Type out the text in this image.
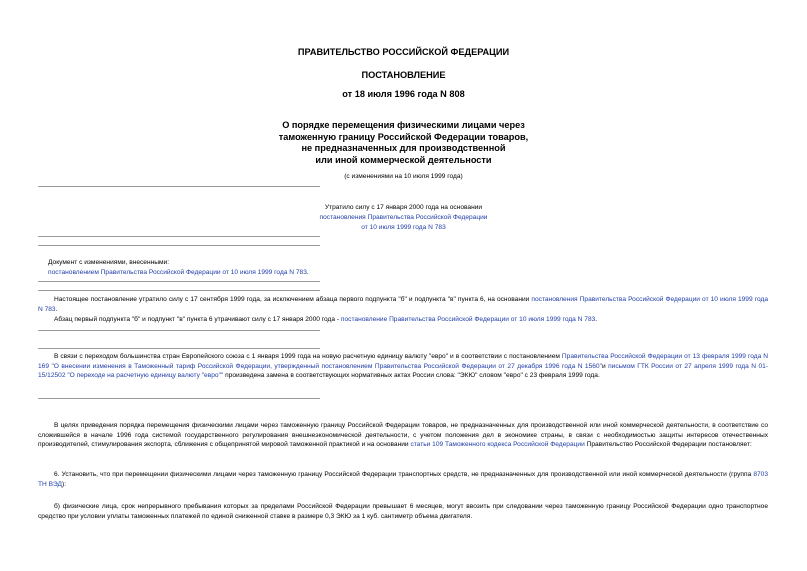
ПРАВИТЕЛЬСТВО РОССИЙСКОЙ ФЕДЕРАЦИИ
ПОСТАНОВЛЕНИЕ
от 18 июля 1996 года N 808
О порядке перемещения физическими лицами через
таможенную границу Российской Федерации товаров,
не предназначенных для производственной
или иной коммерческой деятельности
(с изменениями на 10 июля 1999 года)
Утратило силу с 17 января 2000 года на основании
постановления Правительства Российской Федерации
от 10 июля 1999 года N 783
Документ с изменениями, внесенными:
постановлением Правительства Российской Федерации от 10 июля 1999 года N 783.
Настоящее постановление утратило силу с 17 сентября 1999 года, за исключением абзаца первого подпункта "б" и подпункта "в" пункта 6, на основании постановления Правительства Российской Федерации от 10 июля 1999 года N 783.
Абзац первый подпункта "б" и подпункт "в" пункта 6 утрачивают силу с 17 января 2000 года - постановление Правительства Российской Федерации от 10 июля 1999 года N 783.
В связи с переходом большинства стран Европейского союза с 1 января 1999 года на новую расчетную единицу валюту "евро" и в соответствии с постановлением Правительства Российской Федерации от 13 февраля 1999 года N 169 "О внесении изменения в Таможенный тариф Российской Федерации, утвержденный постановлением Правительства Российской Федерации от 27 декабря 1996 года N 1560"и письмом ГТК России от 27 апреля 1999 года N 01-15/12502 "О переходе на расчетную единицу валюту "евро"" произведена замена в соответствующих нормативных актах России слова: "ЭКЮ" словом "евро" с 23 февраля 1999 года.
В целях приведения порядка перемещения физическими лицами через таможенную границу Российской Федерации товаров, не предназначенных для производственной или иной коммерческой деятельности, в соответствие со сложившейся в начале 1996 года системой государственного регулирования внешнеэкономической деятельности, с учетом положения дел в экономике страны, в связи с необходимостью защиты интересов отечественных производителей, стимулирования экспорта, сближения с общепринятой мировой таможенной практикой и на основании статьи 109 Таможенного кодекса Российской Федерации Правительство Российской Федерации постановляет:
6. Установить, что при перемещении физическими лицами через таможенную границу Российской Федерации транспортных средств, не предназначенных для производственной или иной коммерческой деятельности (группа 8703 ТН ВЭД):
б) физические лица, срок непрерывного пребывания которых за пределами Российской Федерации превышает 6 месяцев, могут ввозить при следовании через таможенную границу Российской Федерации одно транспортное средство при условии уплаты таможенных платежей по единой сниженной ставке в размере 0,3 ЭКЮ за 1 куб. сантиметр объема двигателя.
